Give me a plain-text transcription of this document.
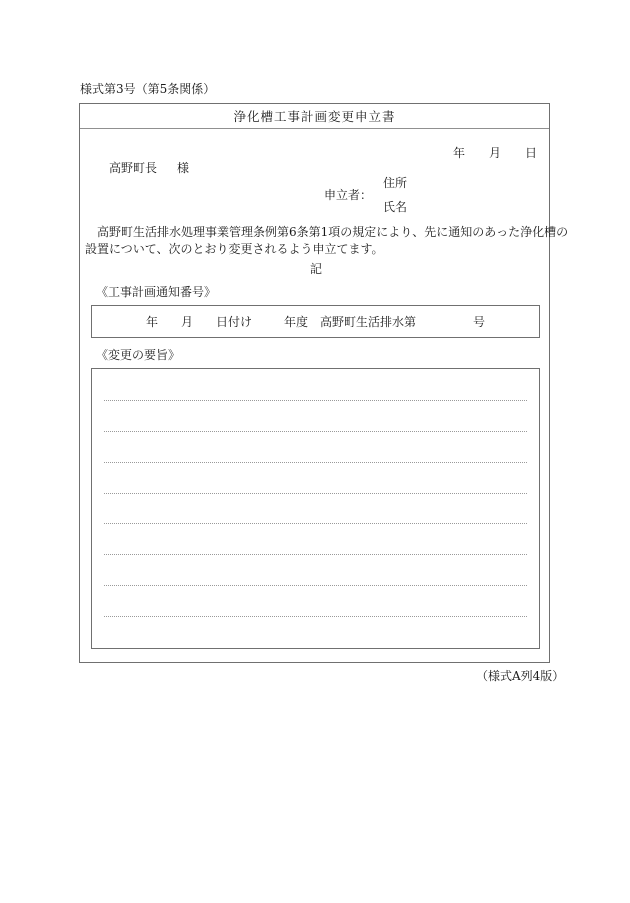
様式第3号（第5条関係）
浄化槽工事計画変更申立書
年 月 日
高野町長 様
申立者：
住所
氏名
高野町生活排水処理事業管理条例第6条第1項の規定により、先に通知のあった浄化槽の
設置について、次のとおり変更されるよう申立てます。
記
《工事計画通知番号》
年 月 日付け	年度 高野町生活排水第	号
《変更の要旨》
（様式A列4版）
